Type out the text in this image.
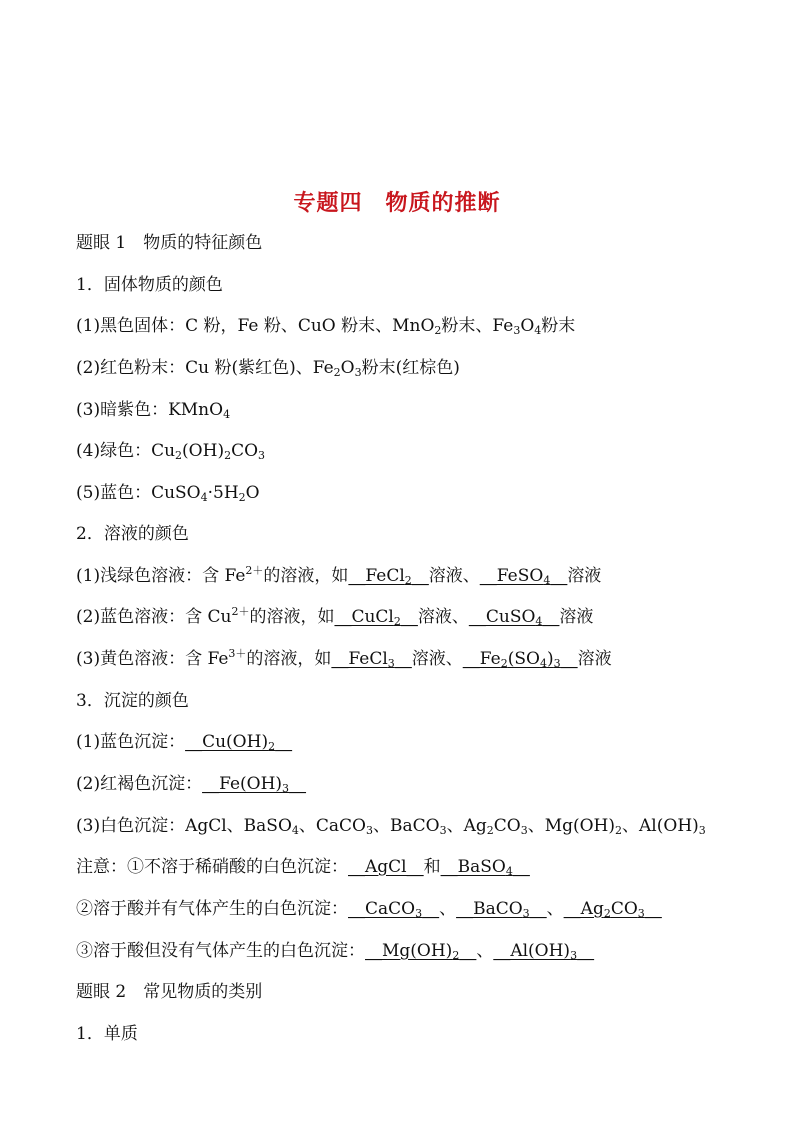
专题四　物质的推断
题眼 1　物质的特征颜色
1．固体物质的颜色
(1)黑色固体：C 粉，Fe 粉、CuO 粉末、MnO$_2$粉末、$Fe_3O_4$粉末
(2)红色粉末：Cu 粉(紫红色)、$Fe_2O_3$粉末(红棕色)
(3)暗紫色：KMnO$_4$
(4)绿色：$Cu_2(OH)_2CO_3$
(5)蓝色：$CuSO_4\cdot 5H_2O$
2．溶液的颜色
(1)浅绿色溶液：含 $Fe^{2+}$的溶液，如__FeCl$_2$__溶液、__FeSO$_4$__溶液
(2)蓝色溶液：含 $Cu^{2+}$的溶液，如__CuCl$_2$__溶液、__CuSO$_4$__溶液
(3)黄色溶液：含 $Fe^{3+}$的溶液，如__FeCl$_3$__溶液、$\_\_Fe_2(SO_4)_3\_\_$溶液
3．沉淀的颜色
(1)蓝色沉淀：$\_\_Cu(OH)_2\_\_$
(2)红褐色沉淀：$\_\_Fe(OH)_3\_\_$
(3)白色沉淀：AgCl、BaSO$_4$、CaCO$_3$、BaCO$_3$、$Ag_2CO_3$、$Mg(OH)_2$、$Al(OH)_3$
注意：①不溶于稀硝酸的白色沉淀：__AgCl__和__BaSO$_4$__
②溶于酸并有气体产生的白色沉淀：__CaCO$_3$__、__BaCO$_3$__、$\_\_Ag_2CO_3\_\_$
③溶于酸但没有气体产生的白色沉淀：$\_\_Mg(OH)_2\_\_$、$\_\_Al(OH)_3\_\_$
题眼 2　常见物质的类别
1．单质
